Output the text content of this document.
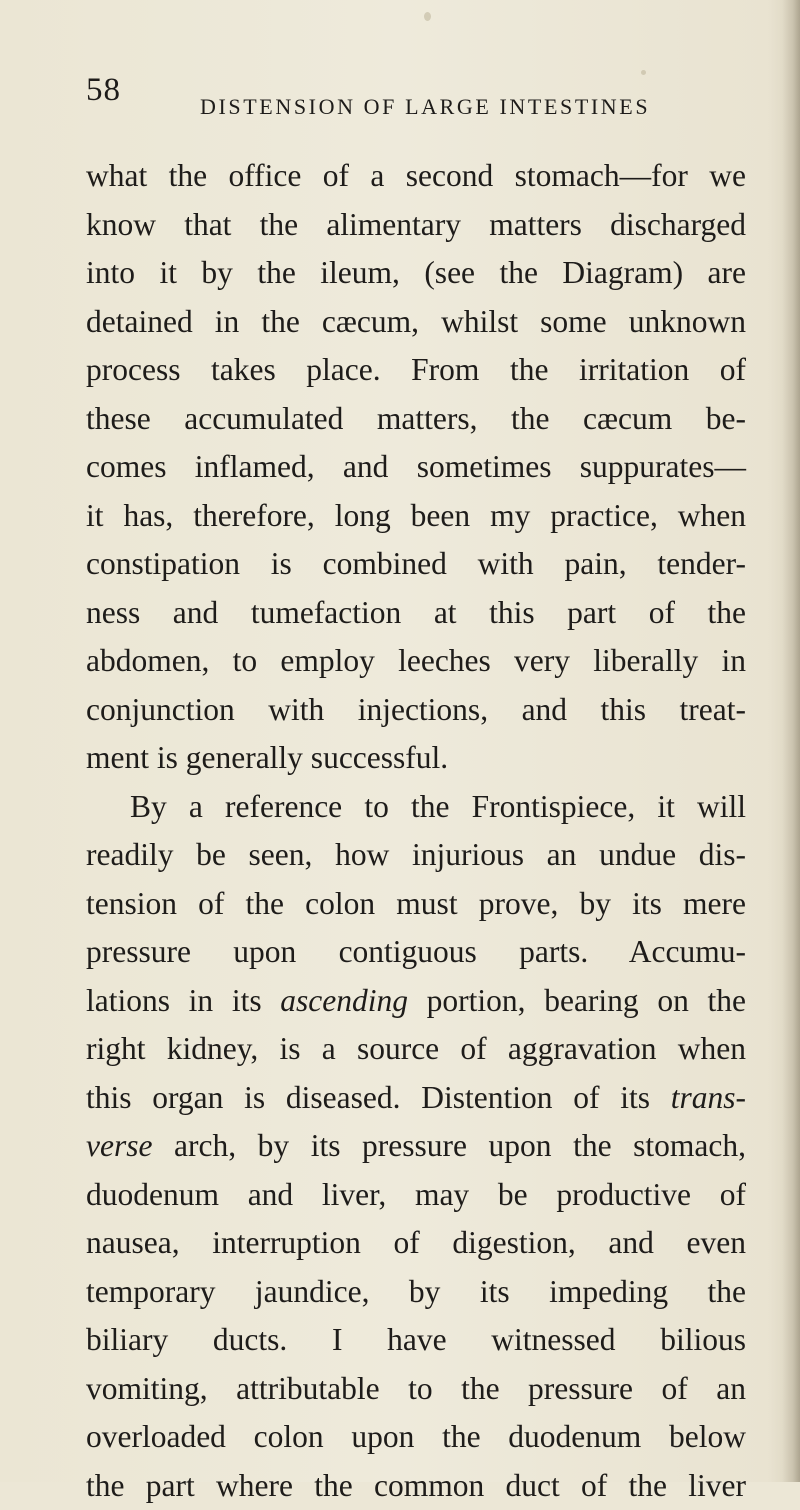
58	DISTENSION OF LARGE INTESTINES
what the office of a second stomach—for we
know that the alimentary matters discharged
into it by the ileum, (see the Diagram) are
detained in the cæcum, whilst some unknown
process takes place. From the irritation of
these accumulated matters, the cæcum be-
comes inflamed, and sometimes suppurates—
it has, therefore, long been my practice, when
constipation is combined with pain, tender-
ness and tumefaction at this part of the
abdomen, to employ leeches very liberally in
conjunction with injections, and this treat-
ment is generally successful.
By a reference to the Frontispiece, it will
readily be seen, how injurious an undue dis-
tension of the colon must prove, by its mere
pressure upon contiguous parts. Accumu-
lations in its ascending portion, bearing on the
right kidney, is a source of aggravation when
this organ is diseased. Distention of its trans-
verse arch, by its pressure upon the stomach,
duodenum and liver, may be productive of
nausea, interruption of digestion, and even
temporary jaundice, by its impeding the
biliary ducts. I have witnessed bilious
vomiting, attributable to the pressure of an
overloaded colon upon the duodenum below
the part where the common duct of the liver
